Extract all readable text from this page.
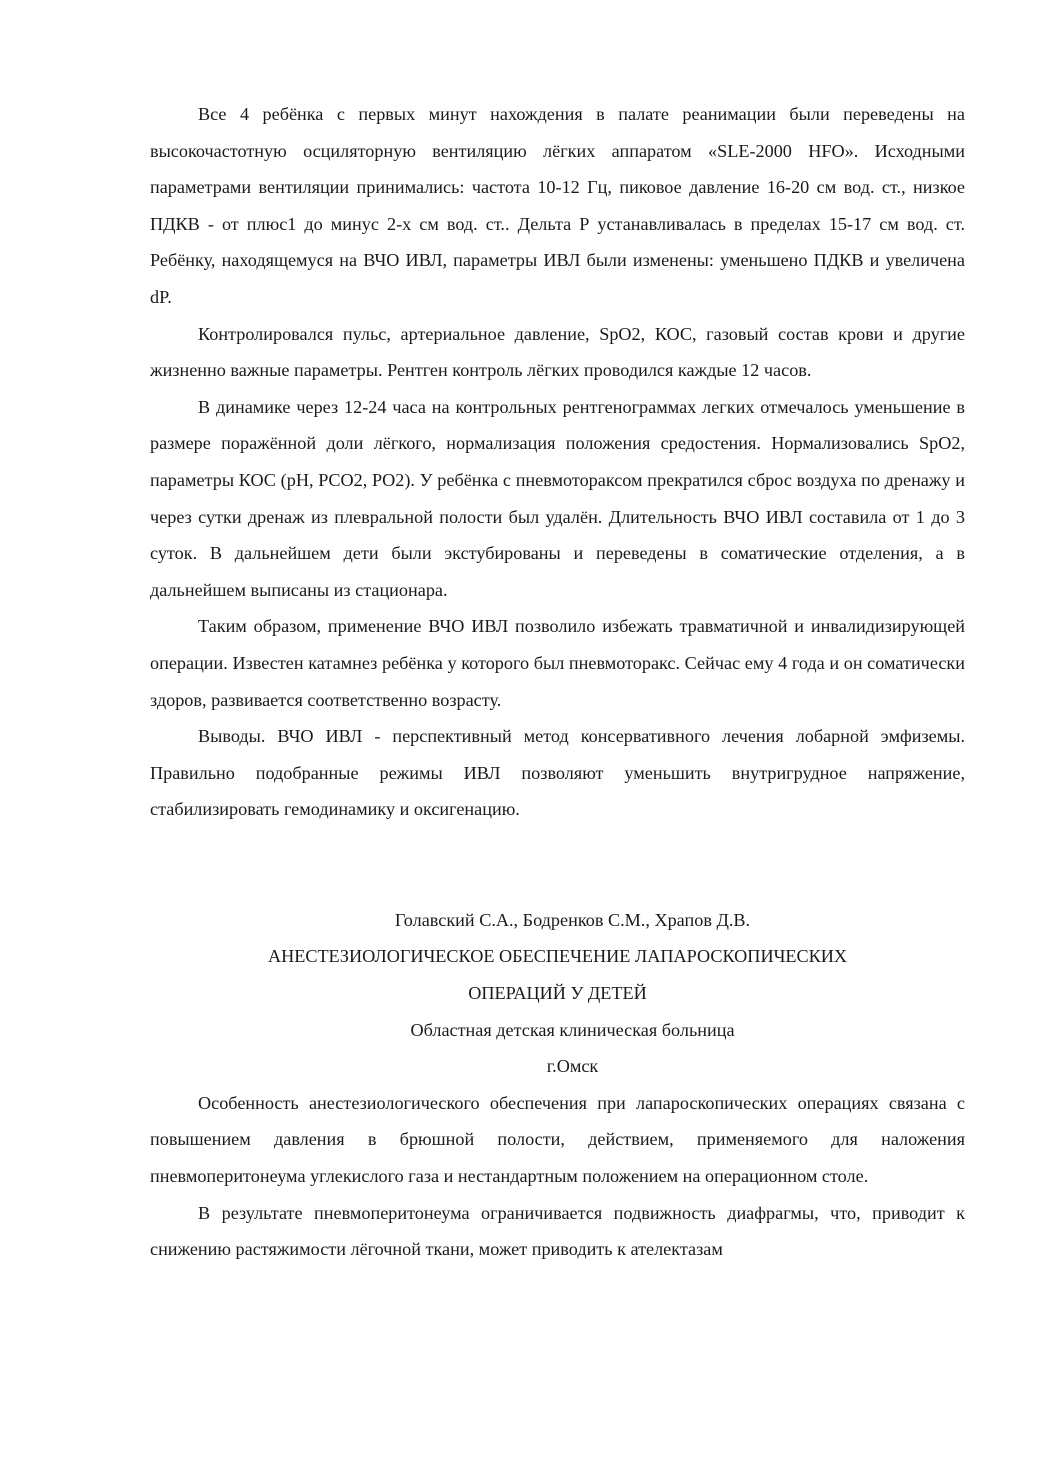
Все 4 ребёнка с первых минут нахождения в палате реанимации были переведены на высокочастотную осциляторную вентиляцию лёгких аппаратом «SLE-2000 HFO». Исходными параметрами вентиляции принимались: частота 10-12 Гц, пиковое давление 16-20 см вод. ст., низкое ПДКВ - от плюс1 до минус 2-х см вод. ст.. Дельта Р устанавливалась в пределах 15-17 см вод. ст. Ребёнку, находящемуся на ВЧО ИВЛ, параметры ИВЛ были изменены: уменьшено ПДКВ и увеличена dP.

Контролировался пульс, артериальное давление, SpO2, КОС, газовый состав крови и другие жизненно важные параметры. Рентген контроль лёгких проводился каждые 12 часов.

В динамике через 12-24 часа на контрольных рентгенограммах легких отмечалось уменьшение в размере поражённой доли лёгкого, нормализация положения средостения. Нормализовались SpO2, параметры КОС (pH, PCO2, PO2). У ребёнка с пневмотораксом прекратился сброс воздуха по дренажу и через сутки дренаж из плевральной полости был удалён. Длительность ВЧО ИВЛ составила от 1 до 3 суток. В дальнейшем дети были экстубированы и переведены в соматические отделения, а в дальнейшем выписаны из стационара.

Таким образом, применение ВЧО ИВЛ позволило избежать травматичной и инвалидизирующей операции. Известен катамнез ребёнка у которого был пневмоторакс. Сейчас ему 4 года и он соматически здоров, развивается соответственно возрасту.

Выводы. ВЧО ИВЛ - перспективный метод консервативного лечения лобарной эмфиземы. Правильно подобранные режимы ИВЛ позволяют уменьшить внутригрудное напряжение, стабилизировать гемодинамику и оксигенацию.

Голавский С.А., Бодренков С.М., Храпов Д.В.

АНЕСТЕЗИОЛОГИЧЕСКОЕ ОБЕСПЕЧЕНИЕ ЛАПАРОСКОПИЧЕСКИХ

ОПЕРАЦИЙ У ДЕТЕЙ

Областная детская клиническая больница

г.Омск

Особенность анестезиологического обеспечения при лапароскопических операциях связана с повышением давления в брюшной полости, действием, применяемого для наложения пневмоперитонеума углекислого газа и нестандартным положением на операционном столе.

В результате пневмоперитонеума ограничивается подвижность диафрагмы, что, приводит к снижению растяжимости лёгочной ткани, может приводить к ателектазам
